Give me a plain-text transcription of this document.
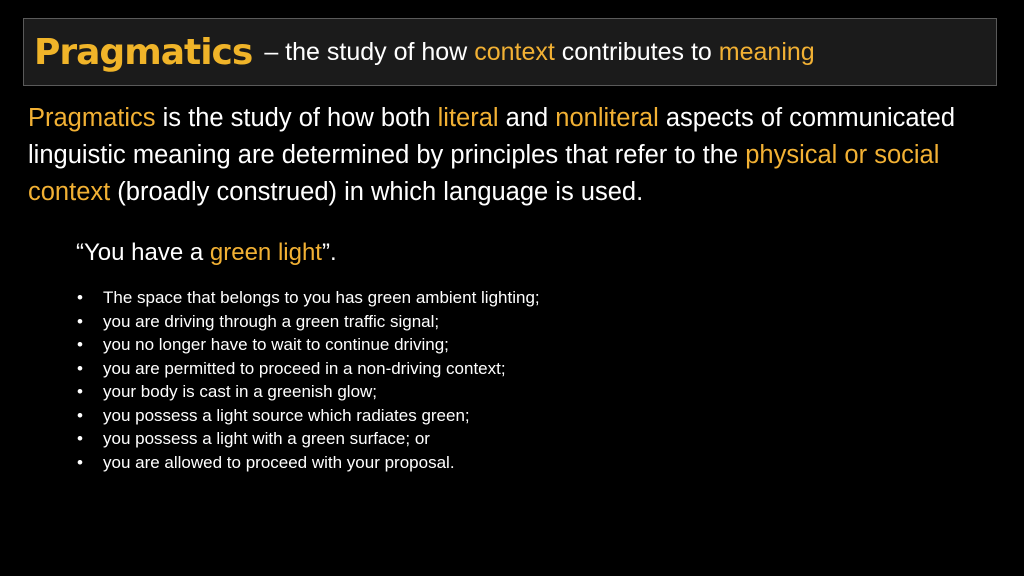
Pragmatics – the study of how context contributes to meaning
Pragmatics is the study of how both literal and nonliteral aspects of communicated linguistic meaning are determined by principles that refer to the physical or social context (broadly construed) in which language is used.
“You have a green light”.
• The space that belongs to you has green ambient lighting;
• you are driving through a green traffic signal;
• you no longer have to wait to continue driving;
• you are permitted to proceed in a non-driving context;
• your body is cast in a greenish glow;
• you possess a light source which radiates green;
• you possess a light with a green surface; or
• you are allowed to proceed with your proposal.
